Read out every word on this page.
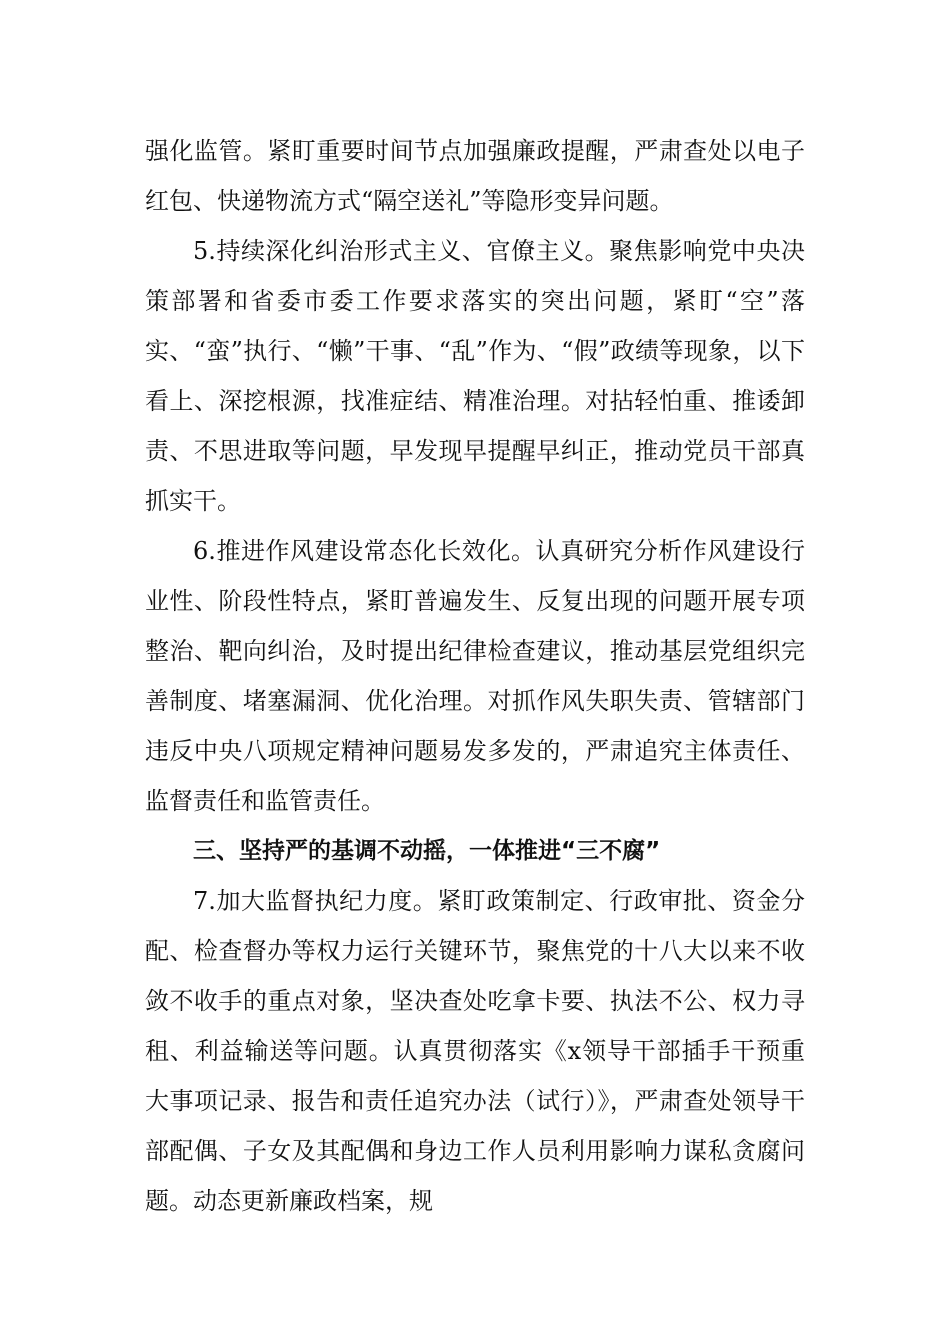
强化监管。紧盯重要时间节点加强廉政提醒，严肃查处以电子红包、快递物流方式“隔空送礼”等隐形变异问题。

5.持续深化纠治形式主义、官僚主义。聚焦影响党中央决策部署和省委市委工作要求落实的突出问题，紧盯“空”落实、“蛮”执行、“懒”干事、“乱”作为、“假”政绩等现象，以下看上、深挖根源，找准症结、精准治理。对拈轻怕重、推诿卸责、不思进取等问题，早发现早提醒早纠正，推动党员干部真抓实干。

6.推进作风建设常态化长效化。认真研究分析作风建设行业性、阶段性特点，紧盯普遍发生、反复出现的问题开展专项整治、靶向纠治，及时提出纪律检查建议，推动基层党组织完善制度、堵塞漏洞、优化治理。对抓作风失职失责、管辖部门违反中央八项规定精神问题易发多发的，严肃追究主体责任、监督责任和监管责任。

三、坚持严的基调不动摇，一体推进“三不腐”

7.加大监督执纪力度。紧盯政策制定、行政审批、资金分配、检查督办等权力运行关键环节，聚焦党的十八大以来不收敛不收手的重点对象，坚决查处吃拿卡要、执法不公、权力寻租、利益输送等问题。认真贯彻落实《x领导干部插手干预重大事项记录、报告和责任追究办法（试行）》，严肃查处领导干部配偶、子女及其配偶和身边工作人员利用影响力谋私贪腐问题。动态更新廉政档案，规
